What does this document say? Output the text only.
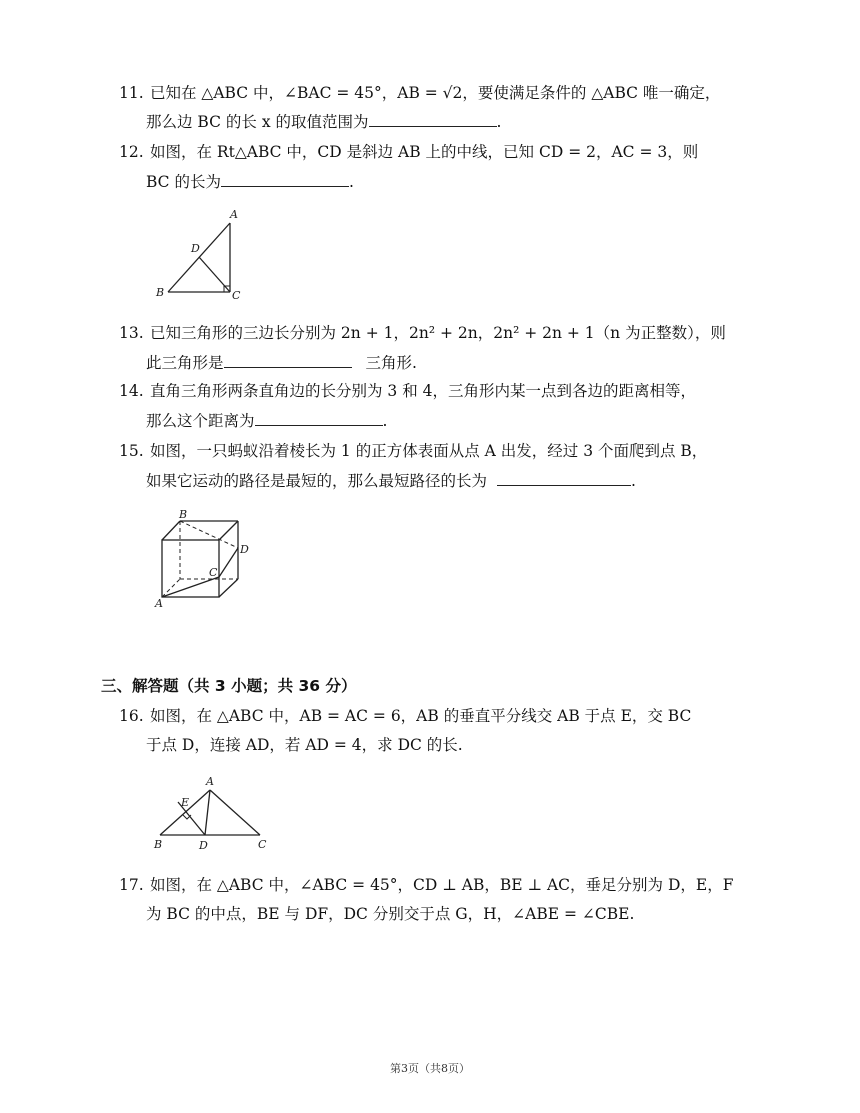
11. 已知在 △ABC 中，∠BAC = 45°，AB = √2，要使满足条件的 △ABC 唯一确定，
那么边 BC 的长 x 的取值范围为	.
12. 如图，在 Rt△ABC 中，CD 是斜边 AB 上的中线，已知 CD = 2，AC = 3，则
BC 的长为	.
A
B	C
D
13. 已知三角形的三边长分别为 2n + 1，2n² + 2n，2n² + 2n + 1（n 为正整数），则
此三角形是	三角形.
14. 直角三角形两条直角边的长分别为 3 和 4，三角形内某一点到各边的距离相等，
那么这个距离为	.
15. 如图，一只蚂蚁沿着棱长为 1 的正方体表面从点 A 出发，经过 3 个面爬到点 B，
如果它运动的路径是最短的，那么最短路径的长为	.
B
D
C
A
三、解答题（共 3 小题；共 36 分）
16. 如图，在 △ABC 中，AB = AC = 6，AB 的垂直平分线交 AB 于点 E，交 BC
于点 D，连接 AD，若 AD = 4，求 DC 的长.
A
B	C
D
E
17. 如图，在 △ABC 中，∠ABC = 45°，CD ⊥ AB，BE ⊥ AC，垂足分别为 D，E，F
为 BC 的中点，BE 与 DF，DC 分别交于点 G，H，∠ABE = ∠CBE.
第3页（共8页）
